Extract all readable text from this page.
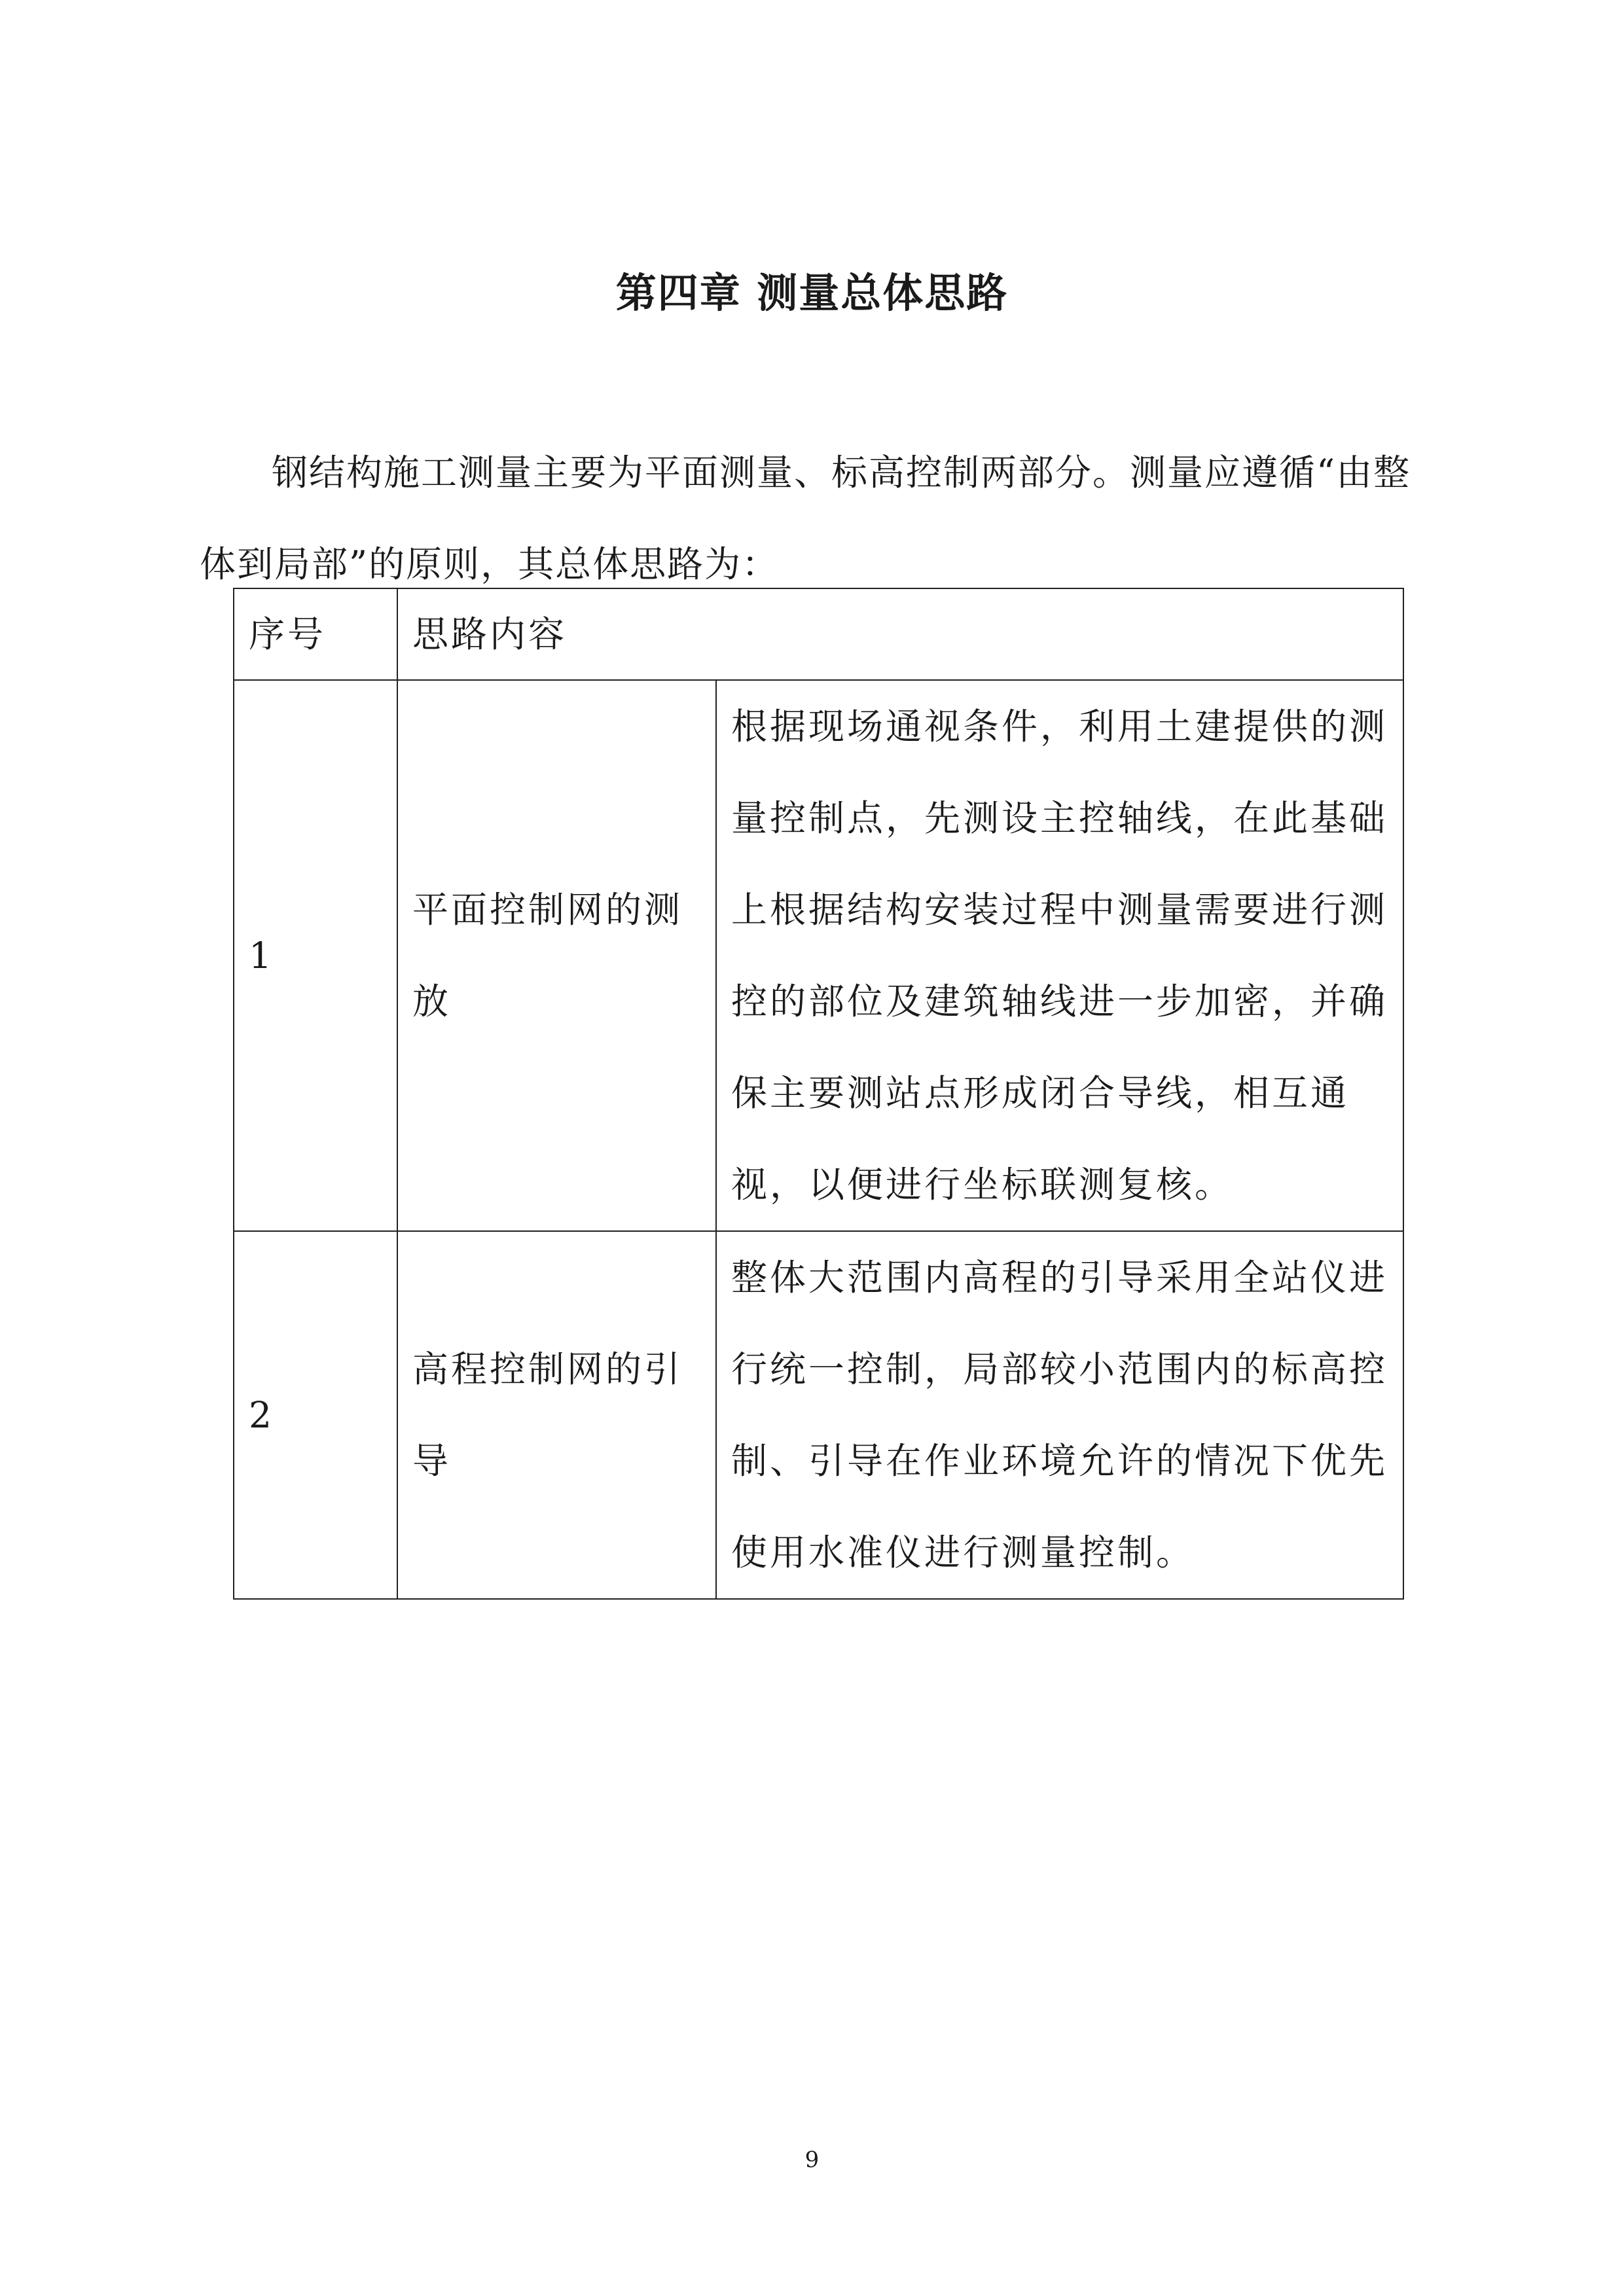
第四章 测量总体思路

钢结构施工测量主要为平面测量、标高控制两部分。测量应遵循“由整体到局部”的原则，其总体思路为：

序号	思路内容	
1	平面控制网的测放	根据现场通视条件，利用土建提供的测量控制点，先测设主控轴线，在此基础上根据结构安装过程中测量需要进行测控的部位及建筑轴线进一步加密，并确保主要测站点形成闭合导线，相互通视，以便进行坐标联测复核。
2	高程控制网的引导	整体大范围内高程的引导采用全站仪进行统一控制，局部较小范围内的标高控制、引导在作业环境允许的情况下优先使用水准仪进行测量控制。
9
